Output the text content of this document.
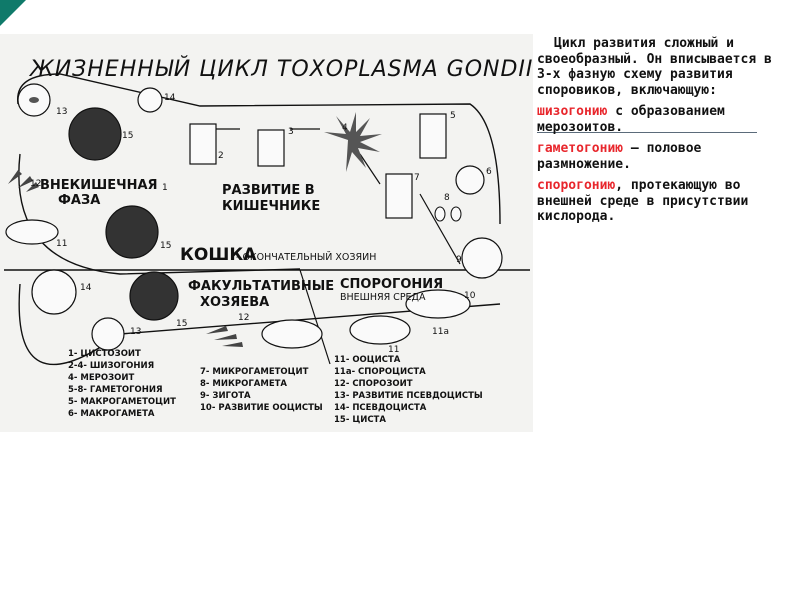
ЖИЗНЕННЫЙ ЦИКЛ ТОХОРLАSMA GONDII
13
14
15
12
ВНЕКИШЕЧНАЯ
ФАЗА
11	15
1
2
3	4
РАЗВИТИЕ В
КИШЕЧНИКЕ
5
6
7
8
9
КОШКА
- ОКОНЧАТЕЛЬНЫЙ ХОЗЯИН
14
13
15
ФАКУЛЬТАТИВНЫЕ
ХОЗЯЕВА
12
11
11a
10
СПОРОГОНИЯ
ВНЕШНЯЯ СРЕДА
1- ЦИСТОЗОИТ
2-4- ШИЗОГОНИЯ
4- МЕРОЗОИТ
5-8- ГАМЕТОГОНИЯ
5- МАКРОГАМЕТОЦИТ
6- МАКРОГАМЕТА
7- МИКРОГАМЕТОЦИТ
8- МИКРОГАМЕТА
9- ЗИГОТА
10- РАЗВИТИЕ ООЦИСТЫ
11- ООЦИСТА
11а- СПОРОЦИСТА
12- СПОРОЗОИТ
13- РАЗВИТИЕ ПСЕВДОЦИСТЫ
14- ПСЕВДОЦИСТА
15- ЦИСТА

Цикл развития сложный и своеобразный. Он вписывается в 3-х фазную схему развития споровиков, включающую:

шизогонию с образованием мерозоитов.

гаметогонию – половое размножение.

спорогонию, протекающую во внешней среде в присутствии кислорода.
